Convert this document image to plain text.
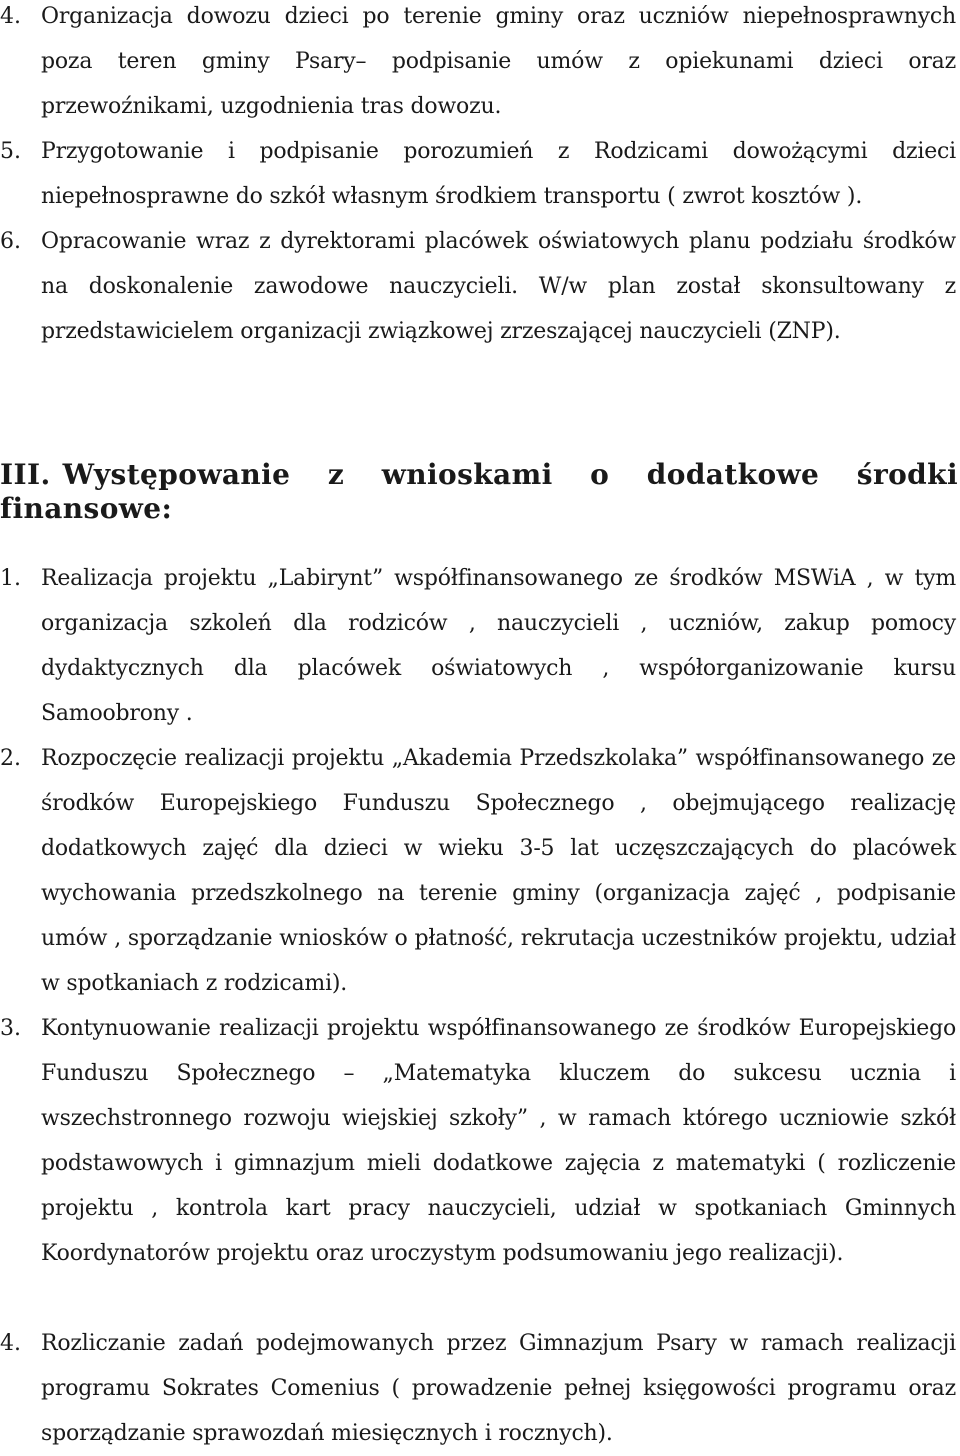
4. Organizacja dowozu dzieci po terenie gminy oraz uczniów niepełnosprawnych poza teren gminy Psary– podpisanie umów z opiekunami dzieci oraz przewoźnikami, uzgodnienia tras dowozu.
5. Przygotowanie i podpisanie porozumień z Rodzicami dowożącymi dzieci niepełnosprawne do szkół własnym środkiem transportu ( zwrot kosztów ).
6. Opracowanie wraz z dyrektorami placówek oświatowych planu podziału środków na doskonalenie zawodowe nauczycieli. W/w plan został skonsultowany z przedstawicielem organizacji związkowej zrzeszającej nauczycieli (ZNP).
III. Występowanie z wnioskami o dodatkowe środki finansowe:
1. Realizacja projektu „Labirynt” współfinansowanego ze środków MSWiA , w tym organizacja szkoleń dla rodziców , nauczycieli , uczniów, zakup pomocy dydaktycznych dla placówek oświatowych , współorganizowanie kursu Samoobrony .
2. Rozpoczęcie realizacji projektu „Akademia Przedszkolaka” współfinansowanego ze środków Europejskiego Funduszu Społecznego , obejmującego realizację dodatkowych zajęć dla dzieci w wieku 3-5 lat uczęszczających do placówek wychowania przedszkolnego na terenie gminy (organizacja zajęć , podpisanie umów , sporządzanie wniosków o płatność, rekrutacja uczestników projektu, udział w spotkaniach z rodzicami).
3. Kontynuowanie realizacji projektu współfinansowanego ze środków Europejskiego Funduszu Społecznego – „Matematyka kluczem do sukcesu ucznia i wszechstronnego rozwoju wiejskiej szkoły” , w ramach którego uczniowie szkół podstawowych i gimnazjum mieli dodatkowe zajęcia z matematyki ( rozliczenie projektu , kontrola kart pracy nauczycieli, udział w spotkaniach Gminnych Koordynatorów projektu oraz uroczystym podsumowaniu jego realizacji).
4. Rozliczanie zadań podejmowanych przez Gimnazjum Psary w ramach realizacji programu Sokrates Comenius ( prowadzenie pełnej księgowości programu oraz sporządzanie sprawozdań miesięcznych i rocznych).
